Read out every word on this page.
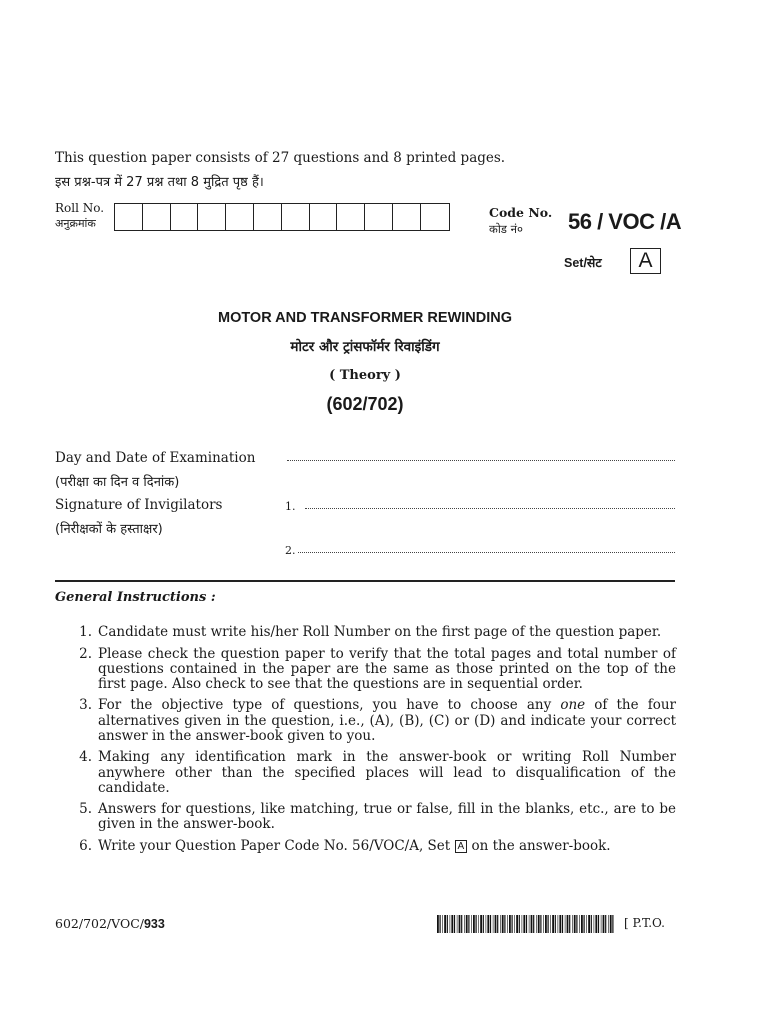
This question paper consists of 27 questions and 8 printed pages.
इस प्रश्न-पत्र में 27 प्रश्न तथा 8 मुद्रित पृष्ठ हैं।
Roll No.
अनुक्रमांक
Code No.
कोड नं०	56 / VOC /A
Set/सेट	A
MOTOR AND TRANSFORMER REWINDING
मोटर और ट्रांसफॉर्मर रिवाइंडिंग
( Theory )
(602/702)
Day and Date of Examination
(परीक्षा का दिन व दिनांक)
Signature of Invigilators
(निरीक्षकों के हस्ताक्षर)
1.
2.
General Instructions :
1. Candidate must write his/her Roll Number on the first page of the question paper.
2. Please check the question paper to verify that the total pages and total number of questions contained in the paper are the same as those printed on the top of the first page. Also check to see that the questions are in sequential order.
3. For the objective type of questions, you have to choose any one of the four alternatives given in the question, i.e., (A), (B), (C) or (D) and indicate your correct answer in the answer-book given to you.
4. Making any identification mark in the answer-book or writing Roll Number anywhere other than the specified places will lead to disqualification of the candidate.
5. Answers for questions, like matching, true or false, fill in the blanks, etc., are to be given in the answer-book.
6. Write your Question Paper Code No. 56/VOC/A, Set A on the answer-book.
602/702/VOC/933	[ P.T.O.
